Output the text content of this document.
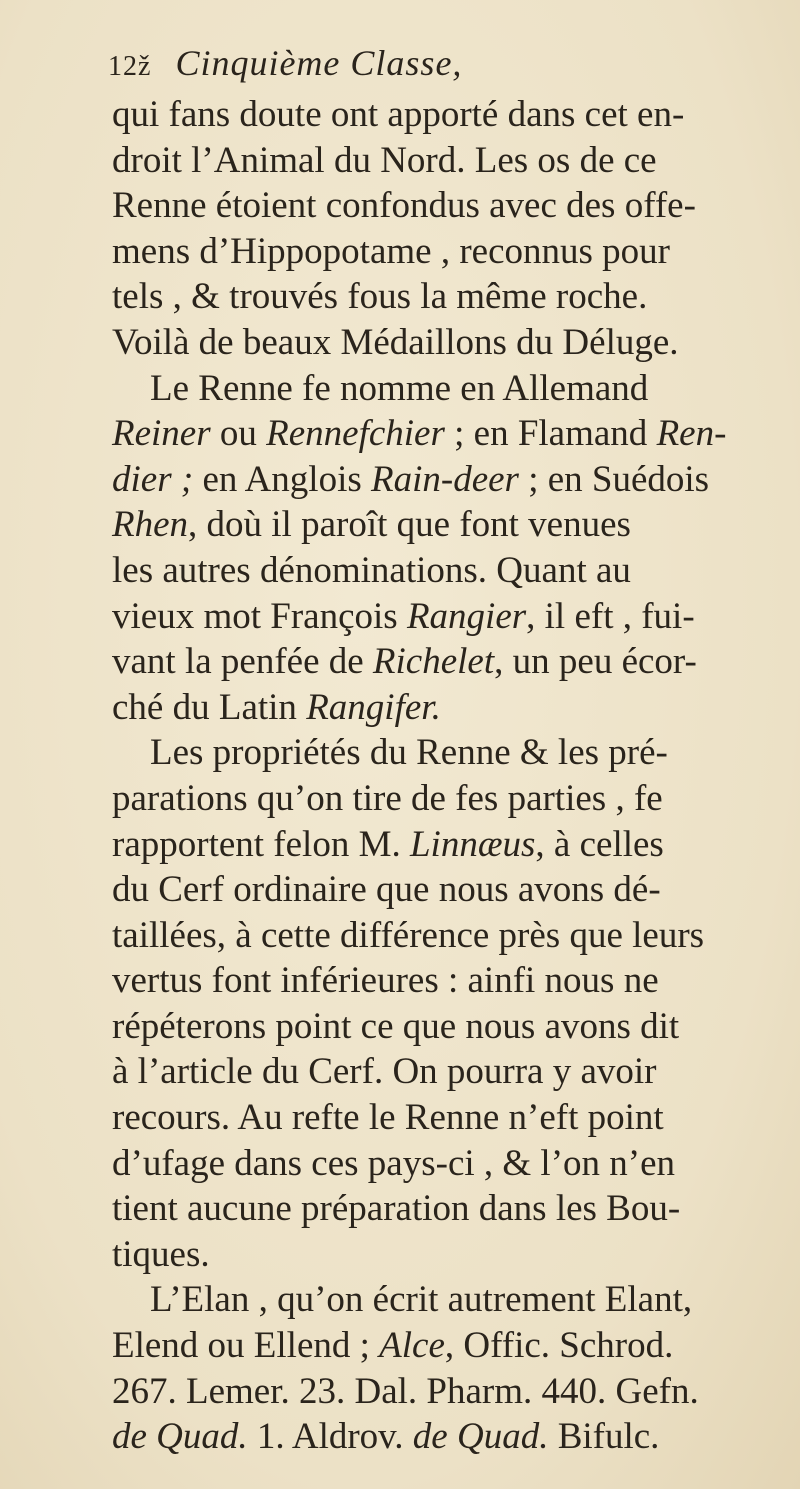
12ž Cinquième Classe,
qui fans doute ont apporté dans cet en-
droit l’Animal du Nord. Les os de ce
Renne étoient confondus avec des offe-
mens d’Hippopotame , reconnus pour
tels , & trouvés fous la même roche.
Voilà de beaux Médaillons du Déluge.
Le Renne fe nomme en Allemand
Reiner ou Rennefchier ; en Flamand Ren-
dier ; en Anglois Rain-deer ; en Suédois
Rhen, doù il paroît que font venues
les autres dénominations. Quant au
vieux mot François Rangier, il eft , fui-
vant la penfée de Richelet, un peu écor-
ché du Latin Rangifer.
Les propriétés du Renne & les pré-
parations qu’on tire de fes parties , fe
rapportent felon M. Linnæus, à celles
du Cerf ordinaire que nous avons dé-
taillées, à cette différence près que leurs
vertus font inférieures : ainfi nous ne
répéterons point ce que nous avons dit
à l’article du Cerf. On pourra y avoir
recours. Au refte le Renne n’eft point
d’ufage dans ces pays-ci , & l’on n’en
tient aucune préparation dans les Bou-
tiques.
L’Elan , qu’on écrit autrement Elant,
Elend ou Ellend ; Alce, Offic. Schrod.
267. Lemer. 23. Dal. Pharm. 440. Gefn.
de Quad. 1. Aldrov. de Quad. Bifulc.
